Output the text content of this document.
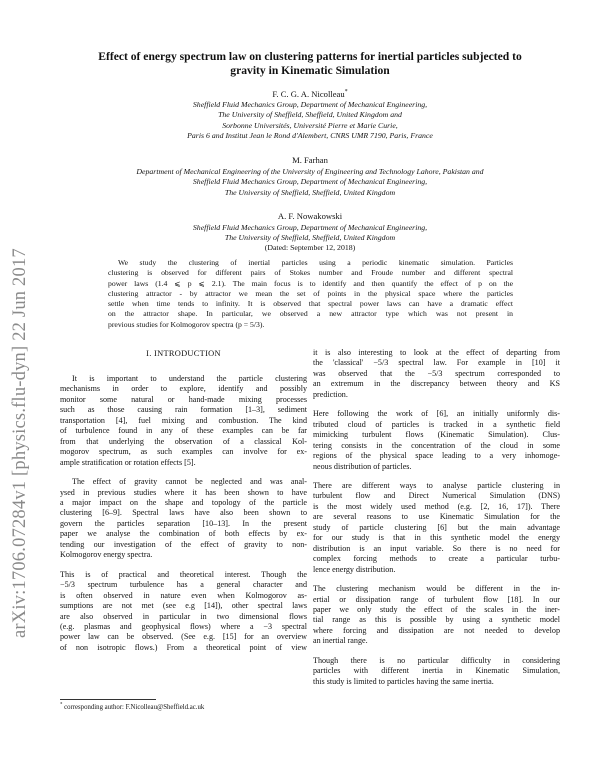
arXiv:1706.07284v1 [physics.flu-dyn] 22 Jun 2017
Effect of energy spectrum law on clustering patterns for inertial particles subjected to
gravity in Kinematic Simulation
F. C. G. A. Nicolleau*
Sheffield Fluid Mechanics Group, Department of Mechanical Engineering,
The University of Sheffield, Sheffield, United Kingdom and
Sorbonne Universités, Université Pierre et Marie Curie,
Paris 6 and Institut Jean le Rond d'Alembert, CNRS UMR 7190, Paris, France
M. Farhan
Department of Mechanical Engineering of the University of Engineering and Technology Lahore, Pakistan and
Sheffield Fluid Mechanics Group, Department of Mechanical Engineering,
The University of Sheffield, Sheffield, United Kingdom
A. F. Nowakowski
Sheffield Fluid Mechanics Group, Department of Mechanical Engineering,
The University of Sheffield, Sheffield, United Kingdom
(Dated: September 12, 2018)
We study the clustering of inertial particles using a periodic kinematic simulation. Particles
clustering is observed for different pairs of Stokes number and Froude number and different spectral
power laws (1.4 ⩽ p ⩽ 2.1). The main focus is to identify and then quantify the effect of p on the
clustering attractor - by attractor we mean the set of points in the physical space where the particles
settle when time tends to infinity. It is observed that spectral power laws can have a dramatic effect
on the attractor shape. In particular, we observed a new attractor type which was not present in
previous studies for Kolmogorov spectra (p = 5/3).
I. INTRODUCTION

It is important to understand the particle clustering
mechanisms in order to explore, identify and possibly
monitor some natural or hand-made mixing processes
such as those causing rain formation [1–3], sediment
transportation [4], fuel mixing and combustion. The kind
of turbulence found in any of these examples can be far
from that underlying the observation of a classical Kol-
mogorov spectrum, as such examples can involve for ex-
ample stratification or rotation effects [5].

The effect of gravity cannot be neglected and was anal-
ysed in previous studies where it has been shown to have
a major impact on the shape and topology of the particle
clustering [6–9]. Spectral laws have also been shown to
govern the particles separation [10–13]. In the present
paper we analyse the combination of both effects by ex-
tending our investigation of the effect of gravity to non-
Kolmogorov energy spectra.

This is of practical and theoretical interest. Though the
−5/3 spectrum turbulence has a general character and
is often observed in nature even when Kolmogorov as-
sumptions are not met (see e.g [14]), other spectral laws
are also observed in particular in two dimensional flows
(e.g. plasmas and geophysical flows) where a −3 spectral
power law can be observed. (See e.g. [15] for an overview
of non isotropic flows.) From a theoretical point of view

it is also interesting to look at the effect of departing from
the 'classical' −5/3 spectral law. For example in [10] it
was observed that the −5/3 spectrum corresponded to
an extremum in the discrepancy between theory and KS
prediction.

Here following the work of [6], an initially uniformly dis-
tributed cloud of particles is tracked in a synthetic field
mimicking turbulent flows (Kinematic Simulation). Clus-
tering consists in the concentration of the cloud in some
regions of the physical space leading to a very inhomoge-
neous distribution of particles.

There are different ways to analyse particle clustering in
turbulent flow and Direct Numerical Simulation (DNS)
is the most widely used method (e.g. [2, 16, 17]). There
are several reasons to use Kinematic Simulation for the
study of particle clustering [6] but the main advantage
for our study is that in this synthetic model the energy
distribution is an input variable. So there is no need for
complex forcing methods to create a particular turbu-
lence energy distribution.

The clustering mechanism would be different in the in-
ertial or dissipation range of turbulent flow [18]. In our
paper we only study the effect of the scales in the iner-
tial range as this is possible by using a synthetic model
where forcing and dissipation are not needed to develop
an inertial range.

Though there is no particular difficulty in considering
particles with different inertia in Kinematic Simulation,
this study is limited to particles having the same inertia.

* corresponding author: F.Nicolleau@Sheffield.ac.uk
